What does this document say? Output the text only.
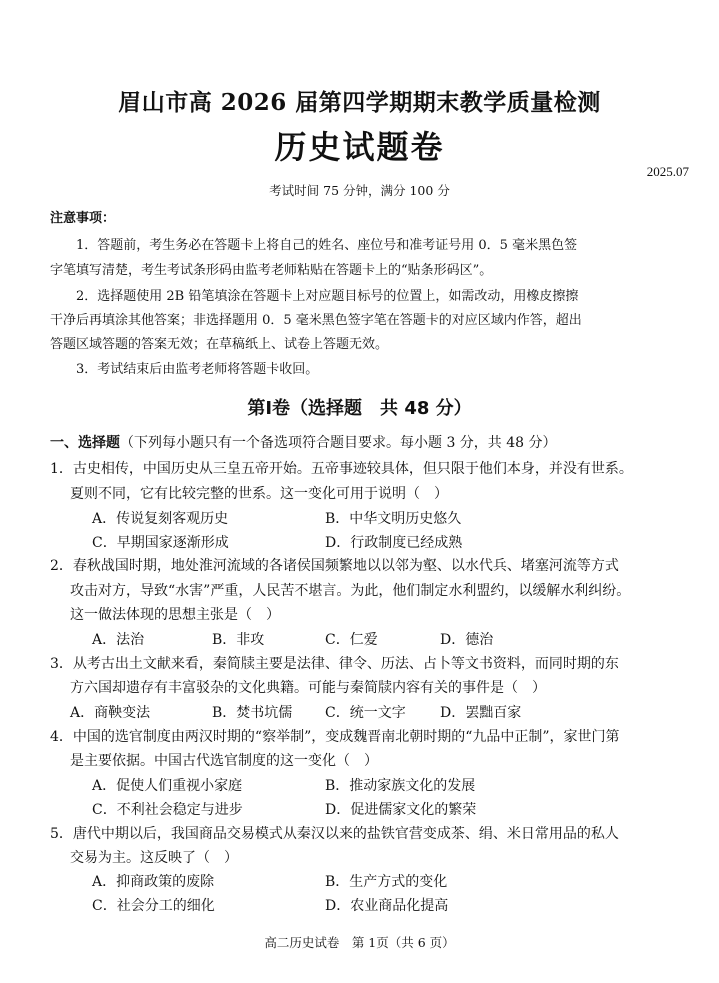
眉山市高 2026 届第四学期期末教学质量检测
历史试题卷
2025.07
考试时间 75 分钟，满分 100 分
注意事项：
1．答题前，考生务必在答题卡上将自己的姓名、座位号和准考证号用 0．5 毫米黑色签
字笔填写清楚，考生考试条形码由监考老师粘贴在答题卡上的“贴条形码区”。
2．选择题使用 2B 铅笔填涂在答题卡上对应题目标号的位置上，如需改动，用橡皮擦擦
干净后再填涂其他答案；非选择题用 0．5 毫米黑色签字笔在答题卡的对应区域内作答，超出
答题区域答题的答案无效；在草稿纸上、试卷上答题无效。
3．考试结束后由监考老师将答题卡收回。
第Ⅰ卷（选择题　共 48 分）
一、选择题（下列每小题只有一个备选项符合题目要求。每小题 3 分，共 48 分）
1．古史相传，中国历史从三皇五帝开始。五帝事迹较具体，但只限于他们本身，并没有世系。
夏则不同，它有比较完整的世系。这一变化可用于说明（　）
A．传说复刻客观历史	B．中华文明历史悠久
C．早期国家逐渐形成	D．行政制度已经成熟
2．春秋战国时期，地处淮河流域的各诸侯国频繁地以以邻为壑、以水代兵、堵塞河流等方式
攻击对方，导致“水害”严重，人民苦不堪言。为此，他们制定水利盟约，以缓解水利纠纷。
这一做法体现的思想主张是（　）
A．法治	B．非攻	C．仁爱	D．德治
3．从考古出土文献来看，秦简牍主要是法律、律令、历法、占卜等文书资料，而同时期的东
方六国却遗存有丰富驳杂的文化典籍。可能与秦简牍内容有关的事件是（　）
A．商鞅变法	B．焚书坑儒 C．统一文字 D．罢黜百家
4．中国的选官制度由两汉时期的“察举制”，变成魏晋南北朝时期的“九品中正制”，家世门第
是主要依据。中国古代选官制度的这一变化（　）
A．促使人们重视小家庭	B．推动家族文化的发展
C．不利社会稳定与进步	D．促进儒家文化的繁荣
5．唐代中期以后，我国商品交易模式从秦汉以来的盐铁官营变成茶、绢、米日常用品的私人
交易为主。这反映了（　）
A．抑商政策的废除	B．生产方式的变化
C．社会分工的细化	D．农业商品化提高
高二历史试卷　第 1页（共 6 页）
